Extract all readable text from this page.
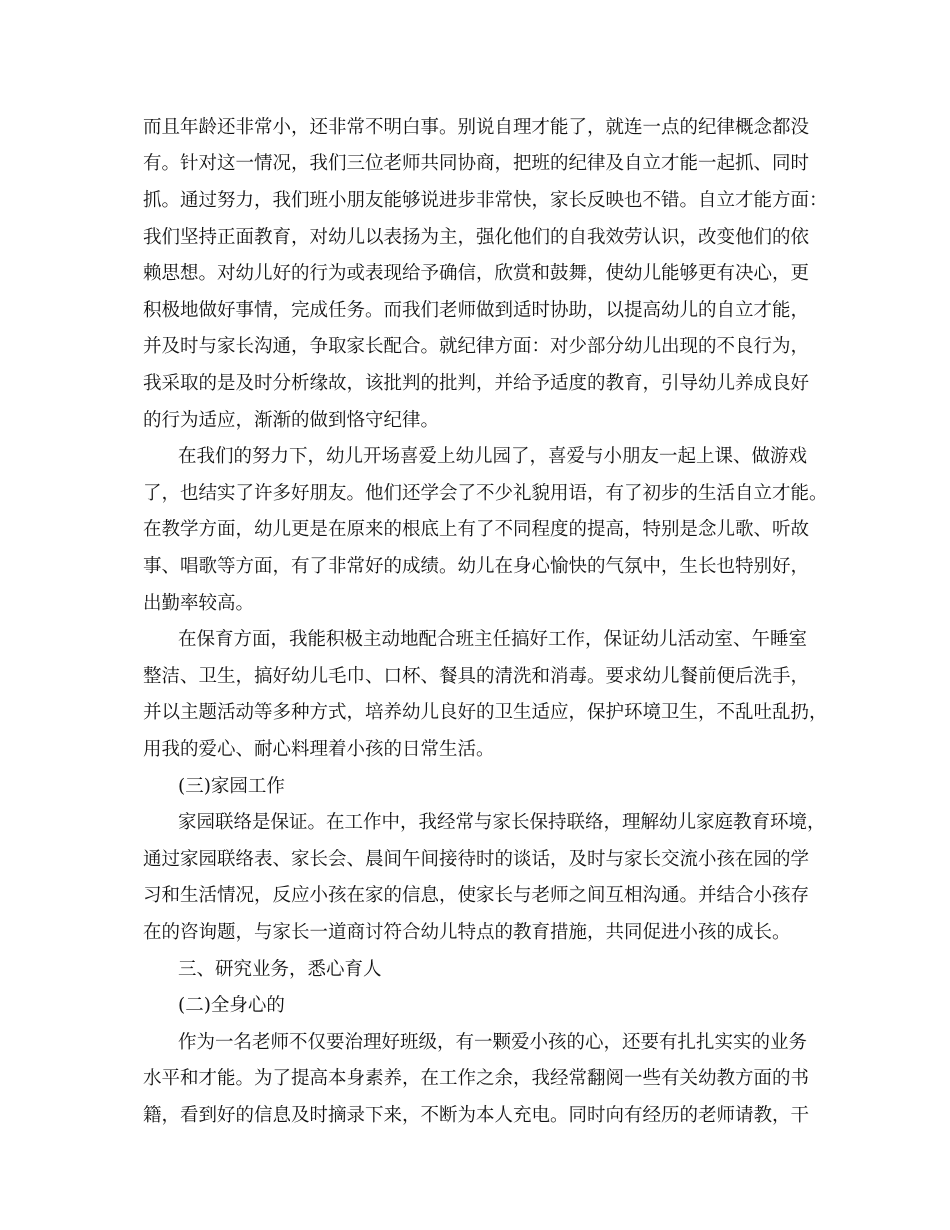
而且年龄还非常小，还非常不明白事。别说自理才能了，就连一点的纪律概念都没
有。针对这一情况，我们三位老师共同协商，把班的纪律及自立才能一起抓、同时
抓。通过努力，我们班小朋友能够说进步非常快，家长反映也不错。自立才能方面：
我们坚持正面教育，对幼儿以表扬为主，强化他们的自我效劳认识，改变他们的依
赖思想。对幼儿好的行为或表现给予确信，欣赏和鼓舞，使幼儿能够更有决心，更
积极地做好事情，完成任务。而我们老师做到适时协助，以提高幼儿的自立才能，
并及时与家长沟通，争取家长配合。就纪律方面：对少部分幼儿出现的不良行为，
我采取的是及时分析缘故，该批判的批判，并给予适度的教育，引导幼儿养成良好
的行为适应，渐渐的做到恪守纪律。
在我们的努力下，幼儿开场喜爱上幼儿园了，喜爱与小朋友一起上课、做游戏
了，也结实了许多好朋友。他们还学会了不少礼貌用语，有了初步的生活自立才能。
在教学方面，幼儿更是在原来的根底上有了不同程度的提高，特别是念儿歌、听故
事、唱歌等方面，有了非常好的成绩。幼儿在身心愉快的气氛中，生长也特别好，
出勤率较高。
在保育方面，我能积极主动地配合班主任搞好工作，保证幼儿活动室、午睡室
整洁、卫生，搞好幼儿毛巾、口杯、餐具的清洗和消毒。要求幼儿餐前便后洗手，
并以主题活动等多种方式，培养幼儿良好的卫生适应，保护环境卫生，不乱吐乱扔，
用我的爱心、耐心料理着小孩的日常生活。
(三)家园工作
家园联络是保证。在工作中，我经常与家长保持联络，理解幼儿家庭教育环境，
通过家园联络表、家长会、晨间午间接待时的谈话，及时与家长交流小孩在园的学
习和生活情况，反应小孩在家的信息，使家长与老师之间互相沟通。并结合小孩存
在的咨询题，与家长一道商讨符合幼儿特点的教育措施，共同促进小孩的成长。
三、研究业务，悉心育人
(二)全身心的
作为一名老师不仅要治理好班级，有一颗爱小孩的心，还要有扎扎实实的业务
水平和才能。为了提高本身素养，在工作之余，我经常翻阅一些有关幼教方面的书
籍，看到好的信息及时摘录下来，不断为本人充电。同时向有经历的老师请教，干
